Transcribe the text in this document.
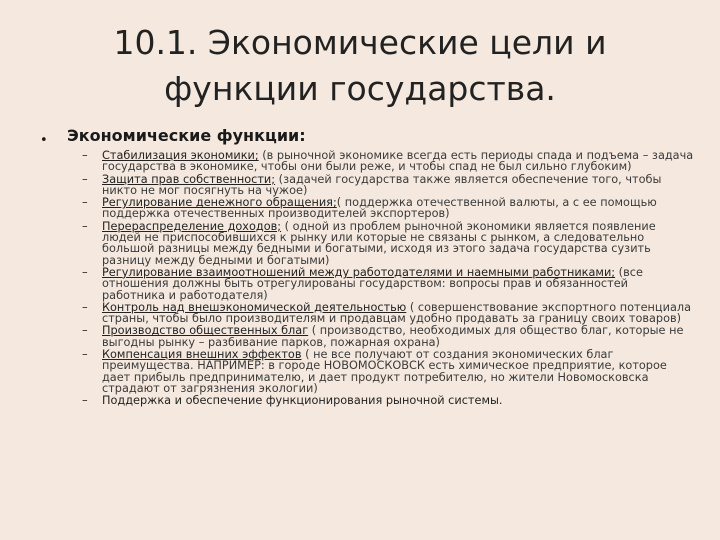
10.1. Экономические цели и
функции государства.
• Экономические функции:
– Стабилизация экономики; (в рыночной экономике всегда есть периоды спада и подъема – задача государства в экономике, чтобы они были реже, и чтобы спад не был сильно глубоким)
– Защита прав собственности; (задачей государства также является обеспечение того, чтобы никто не мог посягнуть на чужое)
– Регулирование денежного обращения;( поддержка отечественной валюты, а с ее помощью поддержка отечественных производителей экспортеров)
– Перераспределение доходов; ( одной из проблем рыночной экономики является появление людей не приспособившихся к рынку или которые не связаны с рынком, а следовательно большой разницы между бедными и богатыми, исходя из этого задача государства сузить разницу между бедными и богатыми)
– Регулирование взаимоотношений между работодателями и наемными работниками; (все отношения должны быть отрегулированы государством: вопросы прав и обязанностей работника и работодателя)
– Контроль над внешэкономической деятельностью ( совершенствование экспортного потенциала страны, чтобы было производителям и продавцам удобно продавать за границу своих товаров)
– Производство общественных благ ( производство, необходимых для общество благ, которые не выгодны рынку – разбивание парков, пожарная охрана)
– Компенсация внешних эффектов ( не все получают от создания экономических благ преимущества. НАПРИМЕР: в городе НОВОМОСКОВСК есть химическое предприятие, которое дает прибыль предпринимателю, и дает продукт потребителю, но жители Новомосковска страдают от загрязнения экологии)
– Поддержка и обеспечение функционирования рыночной системы.
